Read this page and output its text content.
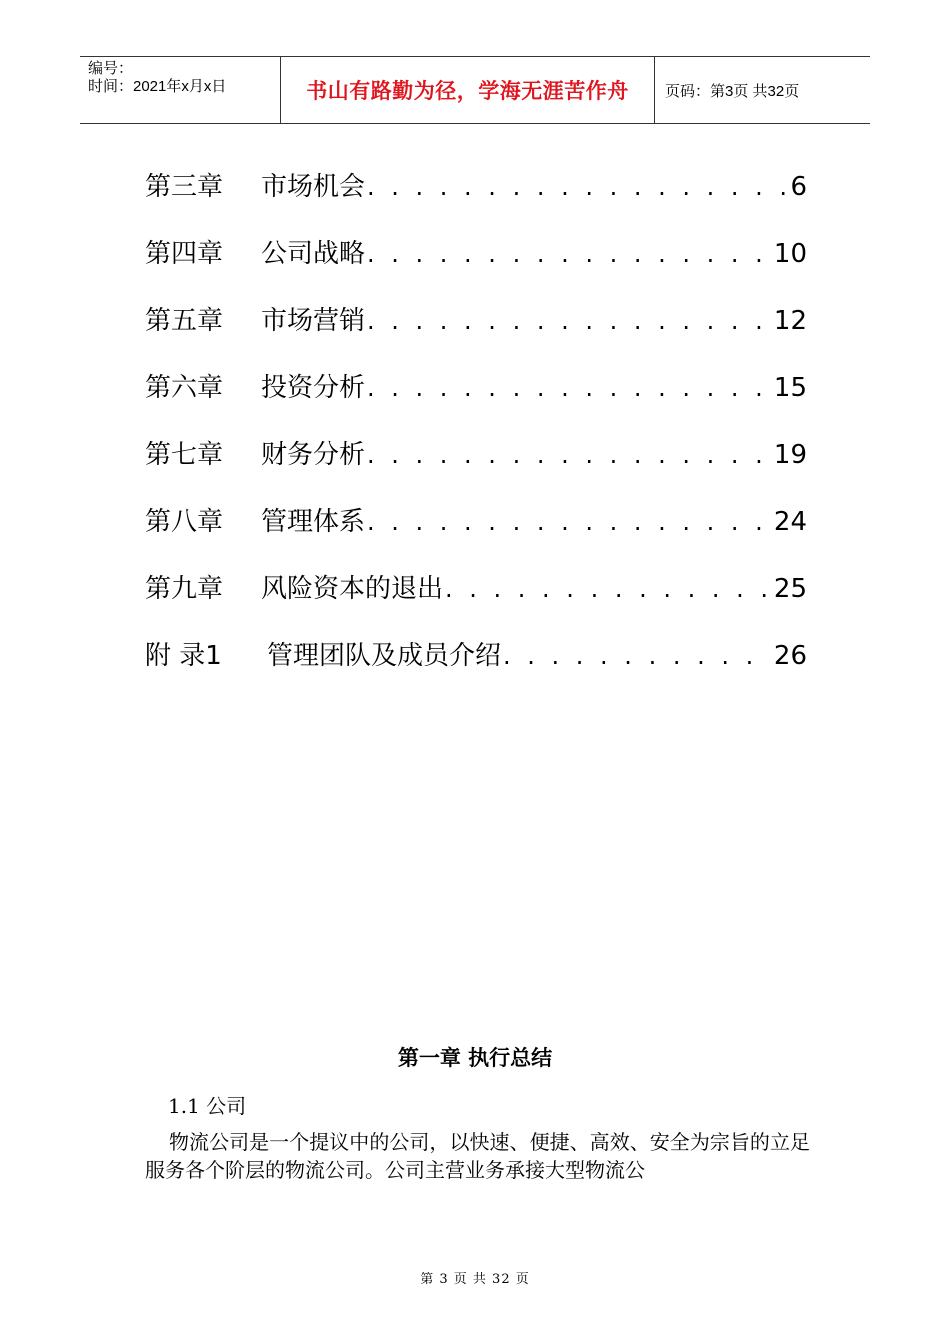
编号：
时间：2021年x月x日	书山有路勤为径，学海无涯苦作舟	页码：第3页 共32页
第三章	市场机会 . . .	6
第四章	公司战略 . . .	10
第五章	市场营销 . . .	12
第六章	投资分析 . . .	15
第七章	财务分析 . . .	19
第八章	管理体系 . . .	24
第九章	风险资本的退出 . . .	25
附 录1	管理团队及成员介绍 . . .	26
第一章 执行总结
1.1 公司
物流公司是一个提议中的公司，以快速、便捷、高效、安全为宗旨的立足服务各个阶层的物流公司。公司主营业务承接大型物流公
第 3 页 共 32 页
